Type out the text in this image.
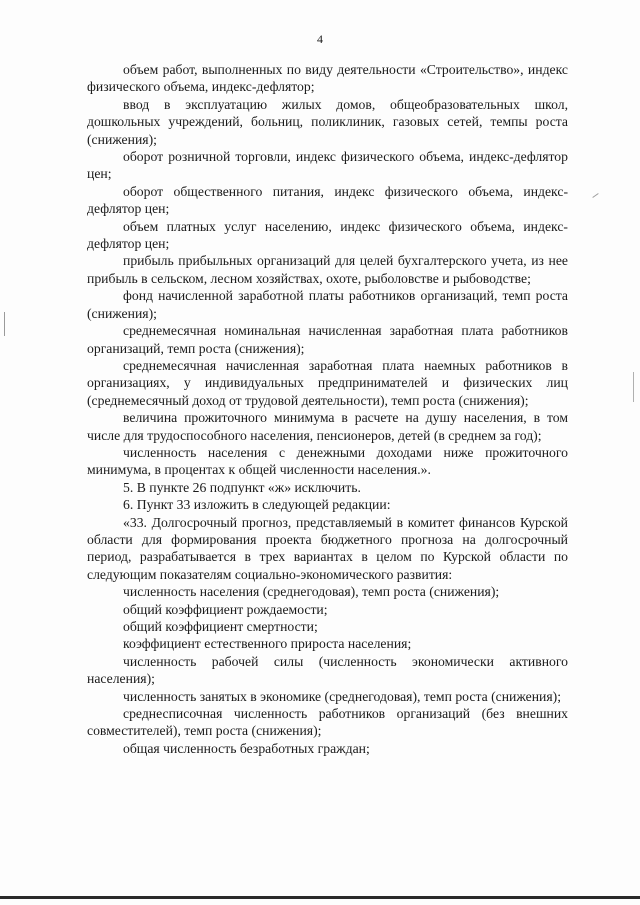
4

объем работ, выполненных по виду деятельности «Строительство», индекс физического объема, индекс-дефлятор;

ввод в эксплуатацию жилых домов, общеобразовательных школ, дошкольных учреждений, больниц, поликлиник, газовых сетей, темпы роста (снижения);

оборот розничной торговли, индекс физического объема, индекс-дефлятор цен;

оборот общественного питания, индекс физического объема, индекс-дефлятор цен;

объем платных услуг населению, индекс физического объема, индекс-дефлятор цен;

прибыль прибыльных организаций для целей бухгалтерского учета, из нее прибыль в сельском, лесном хозяйствах, охоте, рыболовстве и рыбоводстве;

фонд начисленной заработной платы работников организаций, темп роста (снижения);

среднемесячная номинальная начисленная заработная плата работников организаций, темп роста (снижения);

среднемесячная начисленная заработная плата наемных работников в организациях, у индивидуальных предпринимателей и физических лиц (среднемесячный доход от трудовой деятельности), темп роста (снижения);

величина прожиточного минимума в расчете на душу населения, в том числе для трудоспособного населения, пенсионеров, детей (в среднем за год);

численность населения с денежными доходами ниже прожиточного минимума, в процентах к общей численности населения.».

5. В пункте 26 подпункт «ж» исключить.

6. Пункт 33 изложить в следующей редакции:

«33. Долгосрочный прогноз, представляемый в комитет финансов Курской области для формирования проекта бюджетного прогноза на долгосрочный период, разрабатывается в трех вариантах в целом по Курской области по следующим показателям социально-экономического развития:

численность населения (среднегодовая), темп роста (снижения);

общий коэффициент рождаемости;

общий коэффициент смертности;

коэффициент естественного прироста населения;

численность рабочей силы (численность экономически активного населения);

численность занятых в экономике (среднегодовая), темп роста (снижения);

среднесписочная численность работников организаций (без внешних совместителей), темп роста (снижения);

общая численность безработных граждан;
